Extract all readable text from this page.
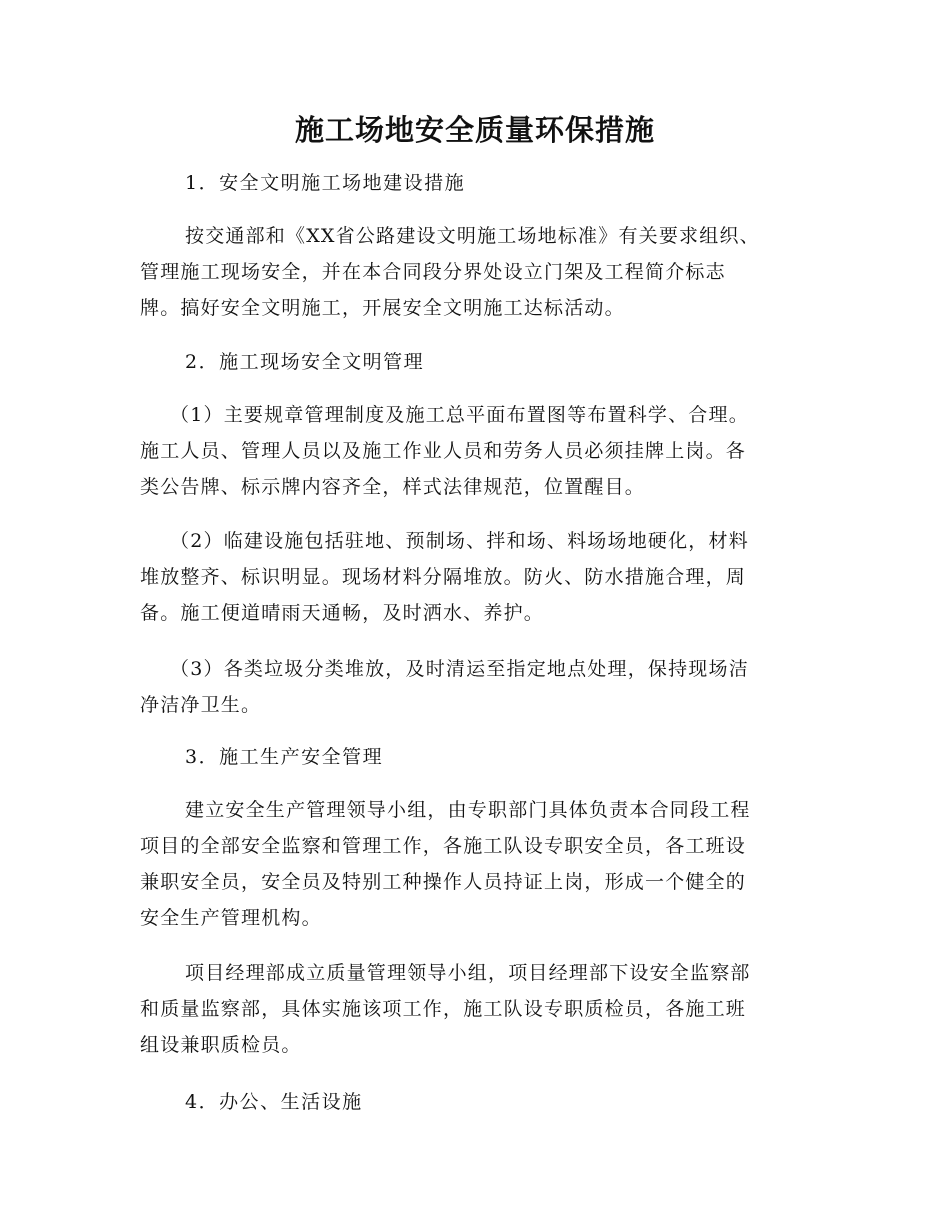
施工场地安全质量环保措施
1．安全文明施工场地建设措施
按交通部和《XX省公路建设文明施工场地标准》有关要求组织、
管理施工现场安全，并在本合同段分界处设立门架及工程简介标志
牌。搞好安全文明施工，开展安全文明施工达标活动。
2．施工现场安全文明管理
（1）主要规章管理制度及施工总平面布置图等布置科学、合理。
施工人员、管理人员以及施工作业人员和劳务人员必须挂牌上岗。各
类公告牌、标示牌内容齐全，样式法律规范，位置醒目。
（2）临建设施包括驻地、预制场、拌和场、料场场地硬化，材料
堆放整齐、标识明显。现场材料分隔堆放。防火、防水措施合理，周
备。施工便道晴雨天通畅，及时洒水、养护。
（3）各类垃圾分类堆放，及时清运至指定地点处理，保持现场洁
净洁净卫生。
3．施工生产安全管理
建立安全生产管理领导小组，由专职部门具体负责本合同段工程
项目的全部安全监察和管理工作，各施工队设专职安全员，各工班设
兼职安全员，安全员及特别工种操作人员持证上岗，形成一个健全的
安全生产管理机构。
项目经理部成立质量管理领导小组，项目经理部下设安全监察部
和质量监察部，具体实施该项工作，施工队设专职质检员，各施工班
组设兼职质检员。
4．办公、生活设施
